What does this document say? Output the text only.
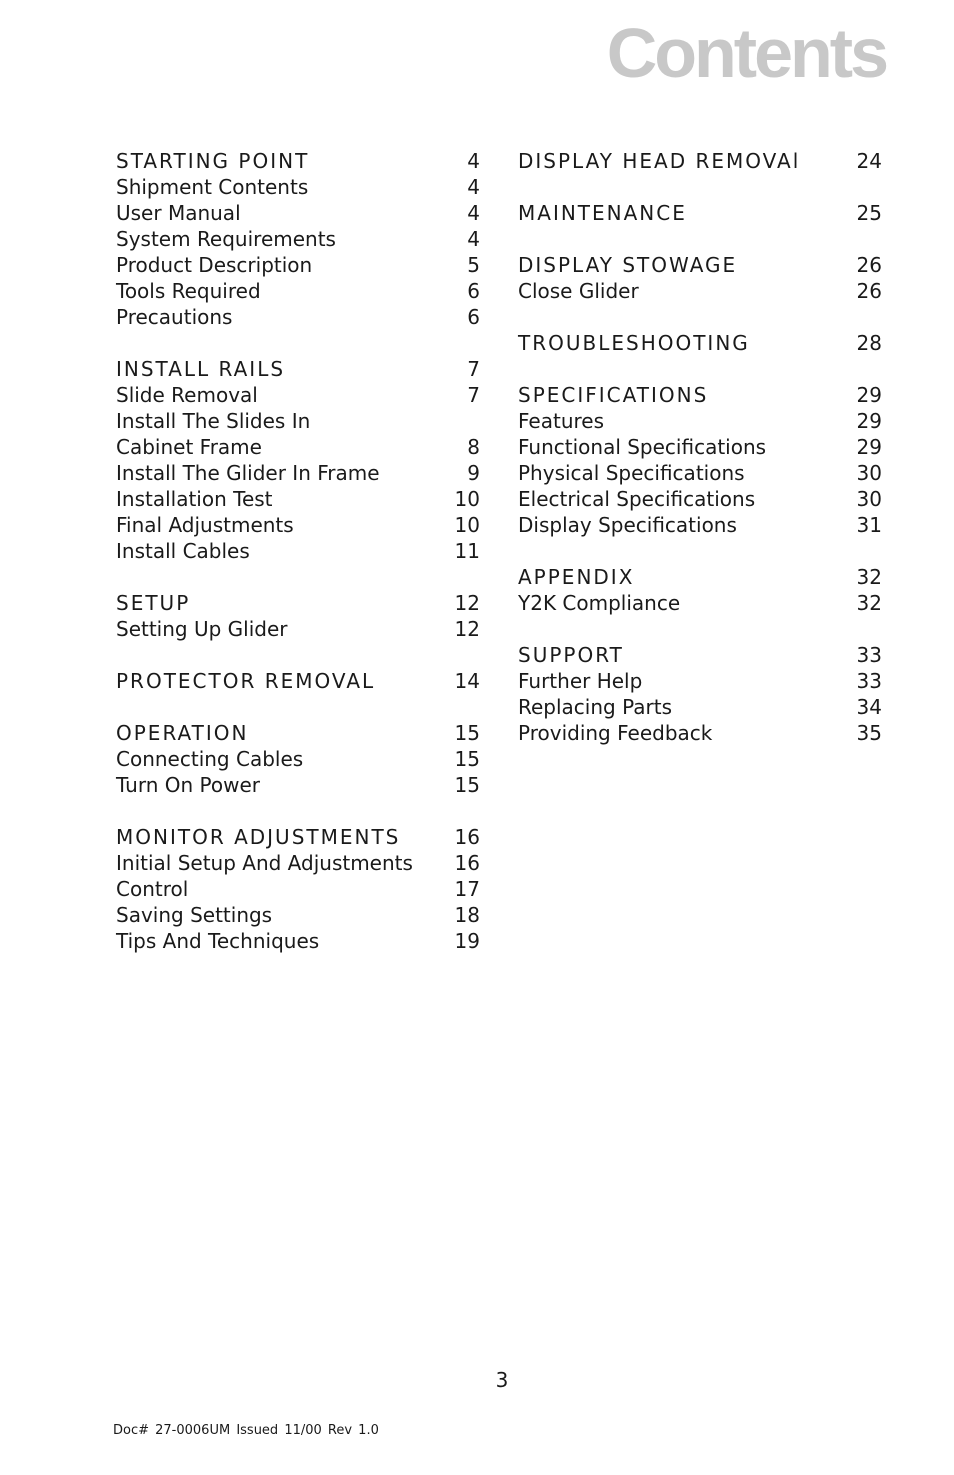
Contents
STARTING POINT	4
Shipment Contents	4
User Manual	4
System Requirements	4
Product Description	5
Tools Required	6
Precautions	6
INSTALL RAILS	7
Slide Removal	7
Install The Slides In
Cabinet Frame	8
Install The Glider In Frame	9
Installation Test	10
Final Adjustments	10
Install Cables	11
SETUP	12
Setting Up Glider	12
PROTECTOR REMOVAL	14
OPERATION	15
Connecting Cables	15
Turn On Power	15
MONITOR ADJUSTMENTS	16
Initial Setup And Adjustments 16
Control	17
Saving Settings	18
Tips And Techniques	19
DISPLAY HEAD REMOVAl	24
MAINTENANCE	25
DISPLAY STOWAGE	26
Close Glider	26
TROUBLESHOOTING	28
SPECIFICATIONS	29
Features	29
Functional Specifications	29
Physical Specifications	30
Electrical Specifications	30
Display Specifications	31
APPENDIX	32
Y2K Compliance	32
SUPPORT	33
Further Help	33
Replacing Parts	34
Providing Feedback	35
3
Doc# 27-0006UM Issued 11/00 Rev 1.0
